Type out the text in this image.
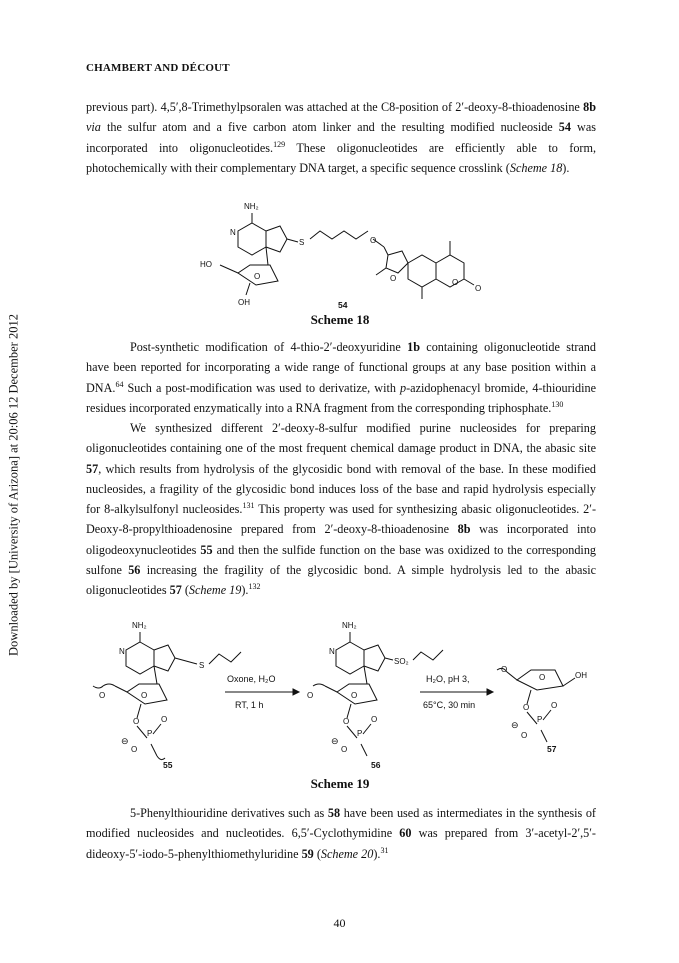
CHAMBERT AND DÉCOUT
Downloaded by [University of Arizona] at 20:06 12 December 2012

previous part). 4,5′,8-Trimethylpsoralen was attached at the C8-position of 2′-deoxy-8-thioadenosine 8b via the sulfur atom and a five carbon atom linker and the resulting modified nucleoside 54 was incorporated into oligonucleotides.$^{129}$ These oligonucleotides are efficiently able to form, photochemically with their complementary DNA target, a specific sequence crosslink (Scheme 18).

NH₂
N
S	O
HO
O
OH
O	O
O
54
Scheme 18

Post-synthetic modification of 4-thio-2′-deoxyuridine 1b containing oligonucleotide strand have been reported for incorporating a wide range of functional groups at any base position within a DNA.$^{64}$ Such a post-modification was used to derivatize, with p-azidophenacyl bromide, 4-thiouridine residues incorporated enzymatically into a RNA fragment from the corresponding triphosphate.$^{130}$

We synthesized different 2′-deoxy-8-sulfur modified purine nucleosides for preparing oligonucleotides containing one of the most frequent chemical damage product in DNA, the abasic site 57, which results from hydrolysis of the glycosidic bond with removal of the base. In these modified nucleosides, a fragility of the glycosidic bond induces loss of the base and rapid hydrolysis especially for 8-alkylsulfonyl nucleosides.$^{131}$ This property was used for synthesizing abasic oligonucleotides. 2′-Deoxy-8-propylthioadenosine prepared from 2′-deoxy-8-thioadenosine 8b was incorporated into oligodeoxynucleotides 55 and then the sulfide function on the base was oxidized to the corresponding sulfone 56 increasing the fragility of the glycosidic bond. A simple hydrolysis led to the abasic oligonucleotides 57 (Scheme 19).$^{132}$

NH₂
N
S
O	O
O
P
O
⊖
O
55
Oxone, H₂O
RT, 1 h
NH₂
N
SO₂
O	O
O
P
O
⊖
O
56
H₂O, pH 3,
65°C, 30 min
O
O	OH
O
P
O
⊖
O
57
Scheme 19

5-Phenylthiouridine derivatives such as 58 have been used as intermediates in the synthesis of modified nucleosides and nucleotides. 6,5′-Cyclothymidine 60 was prepared from 3′-acetyl-2′,5′-dideoxy-5′-iodo-5-phenylthiomethyluridine 59 (Scheme 20).$^{31}$

40
